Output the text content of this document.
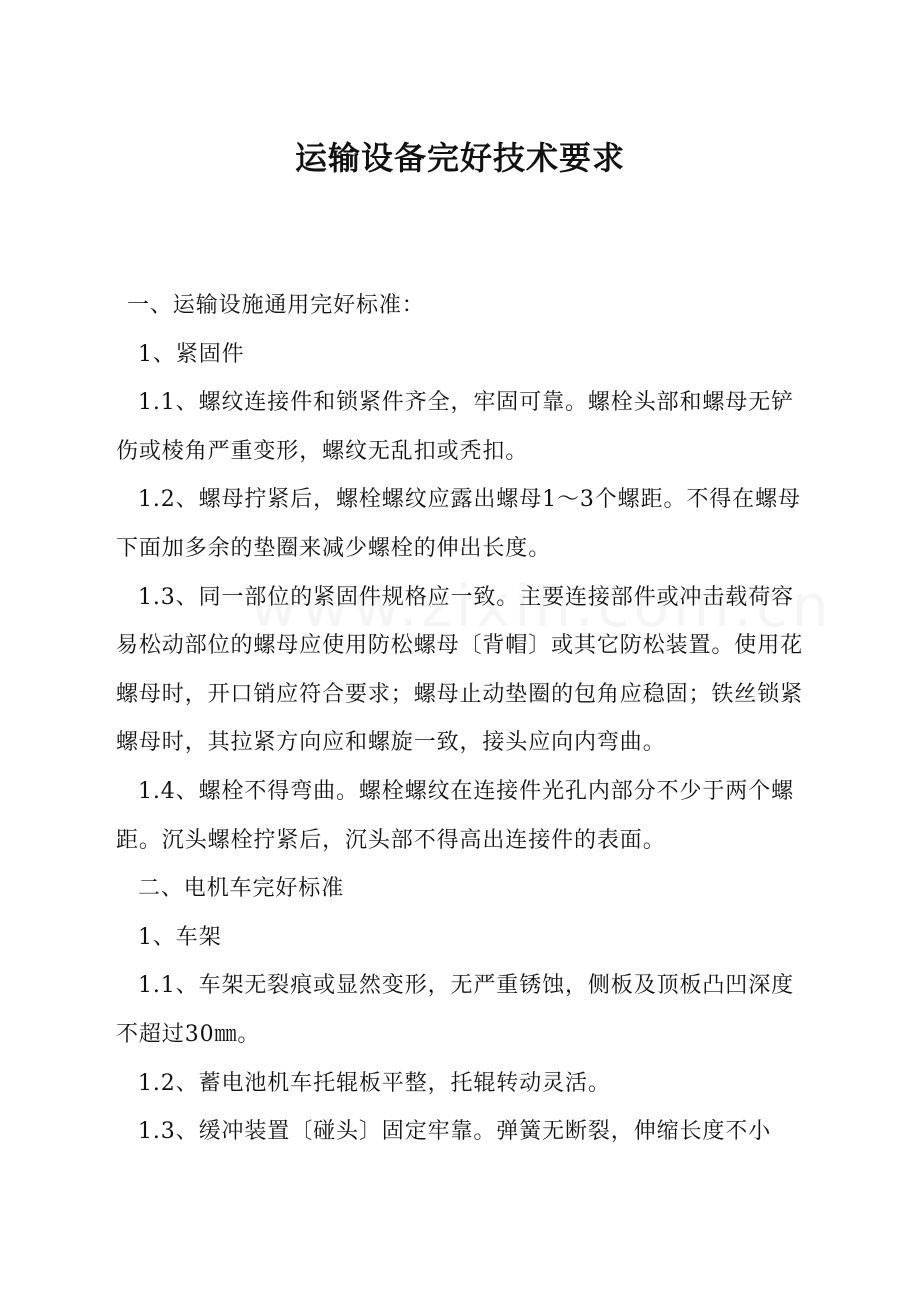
运输设备完好技术要求

一、运输设施通用完好标准：

1、紧固件

1.1、螺纹连接件和锁紧件齐全，牢固可靠。螺栓头部和螺母无铲伤或棱角严重变形，螺纹无乱扣或秃扣。

1.2、螺母拧紧后，螺栓螺纹应露出螺母1～3个螺距。不得在螺母下面加多余的垫圈来减少螺栓的伸出长度。

1.3、同一部位的紧固件规格应一致。主要连接部件或冲击载荷容易松动部位的螺母应使用防松螺母〔背帽〕或其它防松装置。使用花螺母时，开口销应符合要求；螺母止动垫圈的包角应稳固；铁丝锁紧螺母时，其拉紧方向应和螺旋一致，接头应向内弯曲。

1.4、螺栓不得弯曲。螺栓螺纹在连接件光孔内部分不少于两个螺距。沉头螺栓拧紧后，沉头部不得高出连接件的表面。

二、电机车完好标准

1、车架

1.1、车架无裂痕或显然变形，无严重锈蚀，侧板及顶板凸凹深度不超过30㎜。

1.2、蓄电池机车托辊板平整，托辊转动灵活。

1.3、缓冲装置〔碰头〕固定牢靠。弹簧无断裂，伸缩长度不小
